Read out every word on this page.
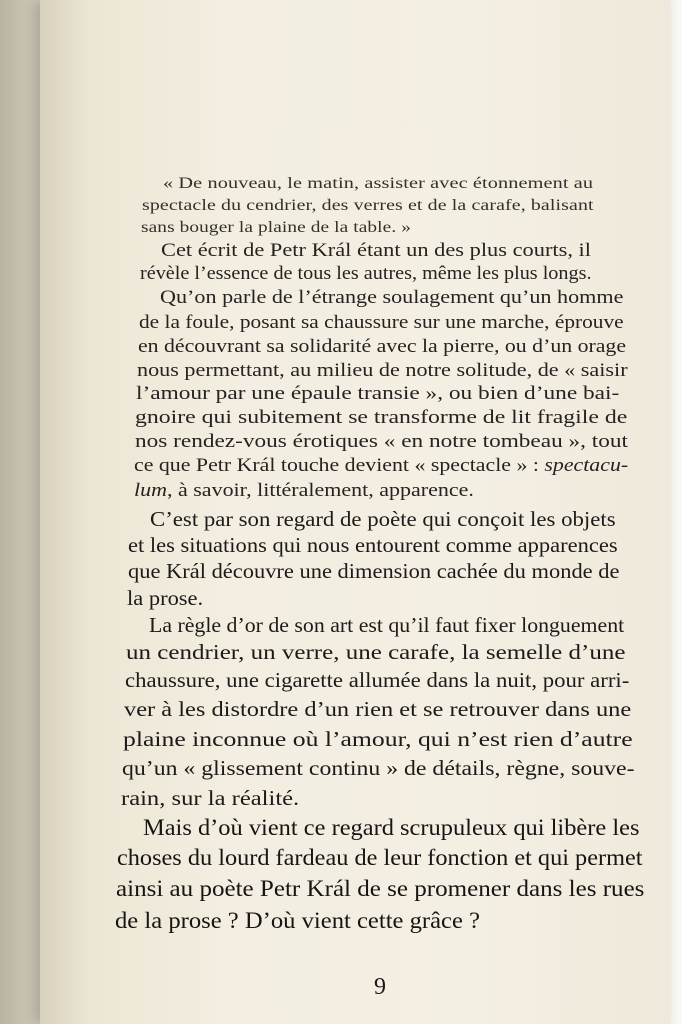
« De nouveau, le matin, assister avec étonnement au
spectacle du cendrier, des verres et de la carafe, balisant
sans bouger la plaine de la table. »
Cet écrit de Petr Král étant un des plus courts, il
révèle l’essence de tous les autres, même les plus longs.
Qu’on parle de l’étrange soulagement qu’un homme
de la foule, posant sa chaussure sur une marche, éprouve
en découvrant sa solidarité avec la pierre, ou d’un orage
nous permettant, au milieu de notre solitude, de « saisir
l’amour par une épaule transie », ou bien d’une bai-
gnoire qui subitement se transforme de lit fragile de
nos rendez-vous érotiques « en notre tombeau », tout
ce que Petr Král touche devient « spectacle » : spectacu-
lum, à savoir, littéralement, apparence.
C’est par son regard de poète qui conçoit les objets
et les situations qui nous entourent comme apparences
que Král découvre une dimension cachée du monde de
la prose.
La règle d’or de son art est qu’il faut fixer longuement
un cendrier, un verre, une carafe, la semelle d’une
chaussure, une cigarette allumée dans la nuit, pour arri-
ver à les distordre d’un rien et se retrouver dans une
plaine inconnue où l’amour, qui n’est rien d’autre
qu’un « glissement continu » de détails, règne, souve-
rain, sur la réalité.
Mais d’où vient ce regard scrupuleux qui libère les
choses du lourd fardeau de leur fonction et qui permet
ainsi au poète Petr Král de se promener dans les rues
de la prose ? D’où vient cette grâce ?
9
